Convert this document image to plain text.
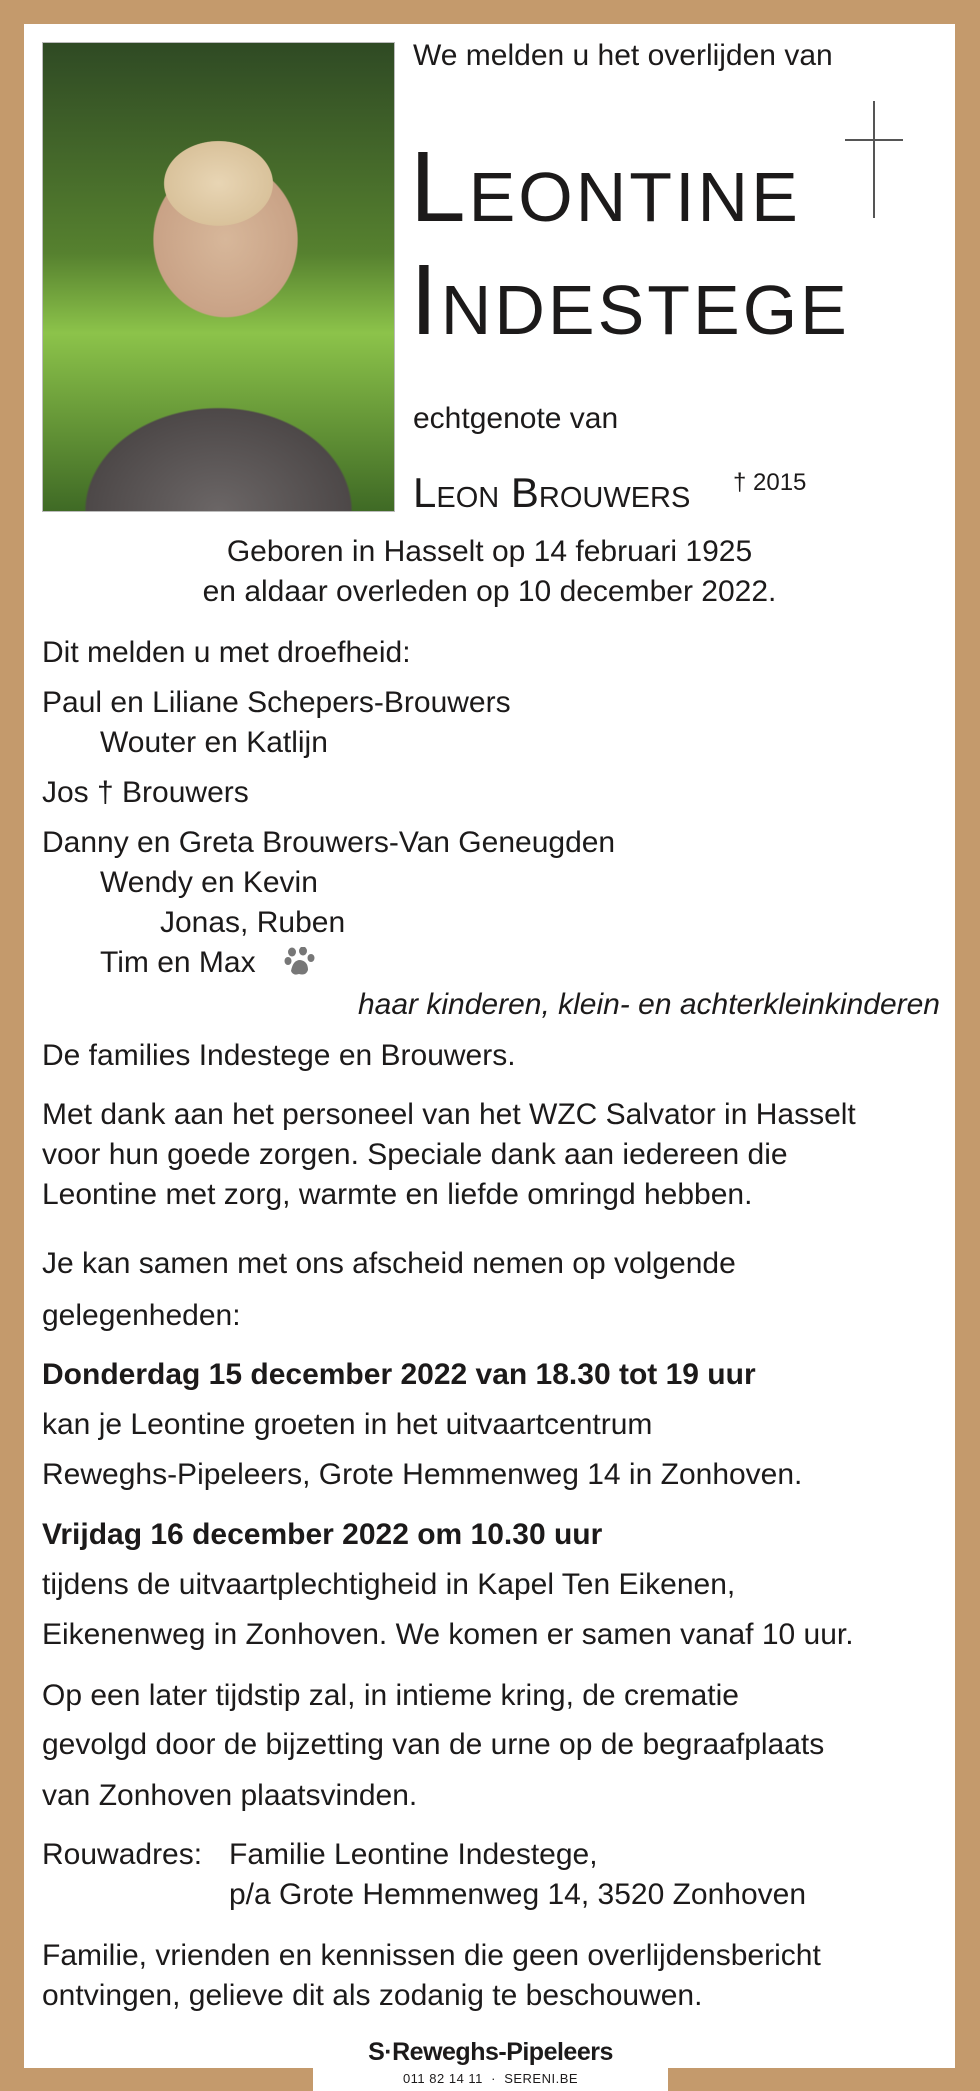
We melden u het overlijden van
Leontine
Indestege
echtgenote van
Leon Brouwers † 2015
Geboren in Hasselt op 14 februari 1925
en aldaar overleden op 10 december 2022.
Dit melden u met droefheid:
Paul en Liliane Schepers-Brouwers
Wouter en Katlijn
Jos † Brouwers
Danny en Greta Brouwers-Van Geneugden
Wendy en Kevin
Jonas, Ruben
Tim en Max
haar kinderen, klein- en achterkleinkinderen
De families Indestege en Brouwers.
Met dank aan het personeel van het WZC Salvator in Hasselt
voor hun goede zorgen. Speciale dank aan iedereen die
Leontine met zorg, warmte en liefde omringd hebben.
Je kan samen met ons afscheid nemen op volgende
gelegenheden:
Donderdag 15 december 2022 van 18.30 tot 19 uur
kan je Leontine groeten in het uitvaartcentrum
Reweghs-Pipeleers, Grote Hemmenweg 14 in Zonhoven.
Vrijdag 16 december 2022 om 10.30 uur
tijdens de uitvaartplechtigheid in Kapel Ten Eikenen,
Eikenenweg in Zonhoven. We komen er samen vanaf 10 uur.
Op een later tijdstip zal, in intieme kring, de crematie
gevolgd door de bijzetting van de urne op de begraafplaats
van Zonhoven plaatsvinden.
Rouwadres: Familie Leontine Indestege,
p/a Grote Hemmenweg 14, 3520 Zonhoven
Familie, vrienden en kennissen die geen overlijdensbericht
ontvingen, gelieve dit als zodanig te beschouwen.
S·Reweghs-Pipeleers
011 82 14 11  ·  SERENI.BE
